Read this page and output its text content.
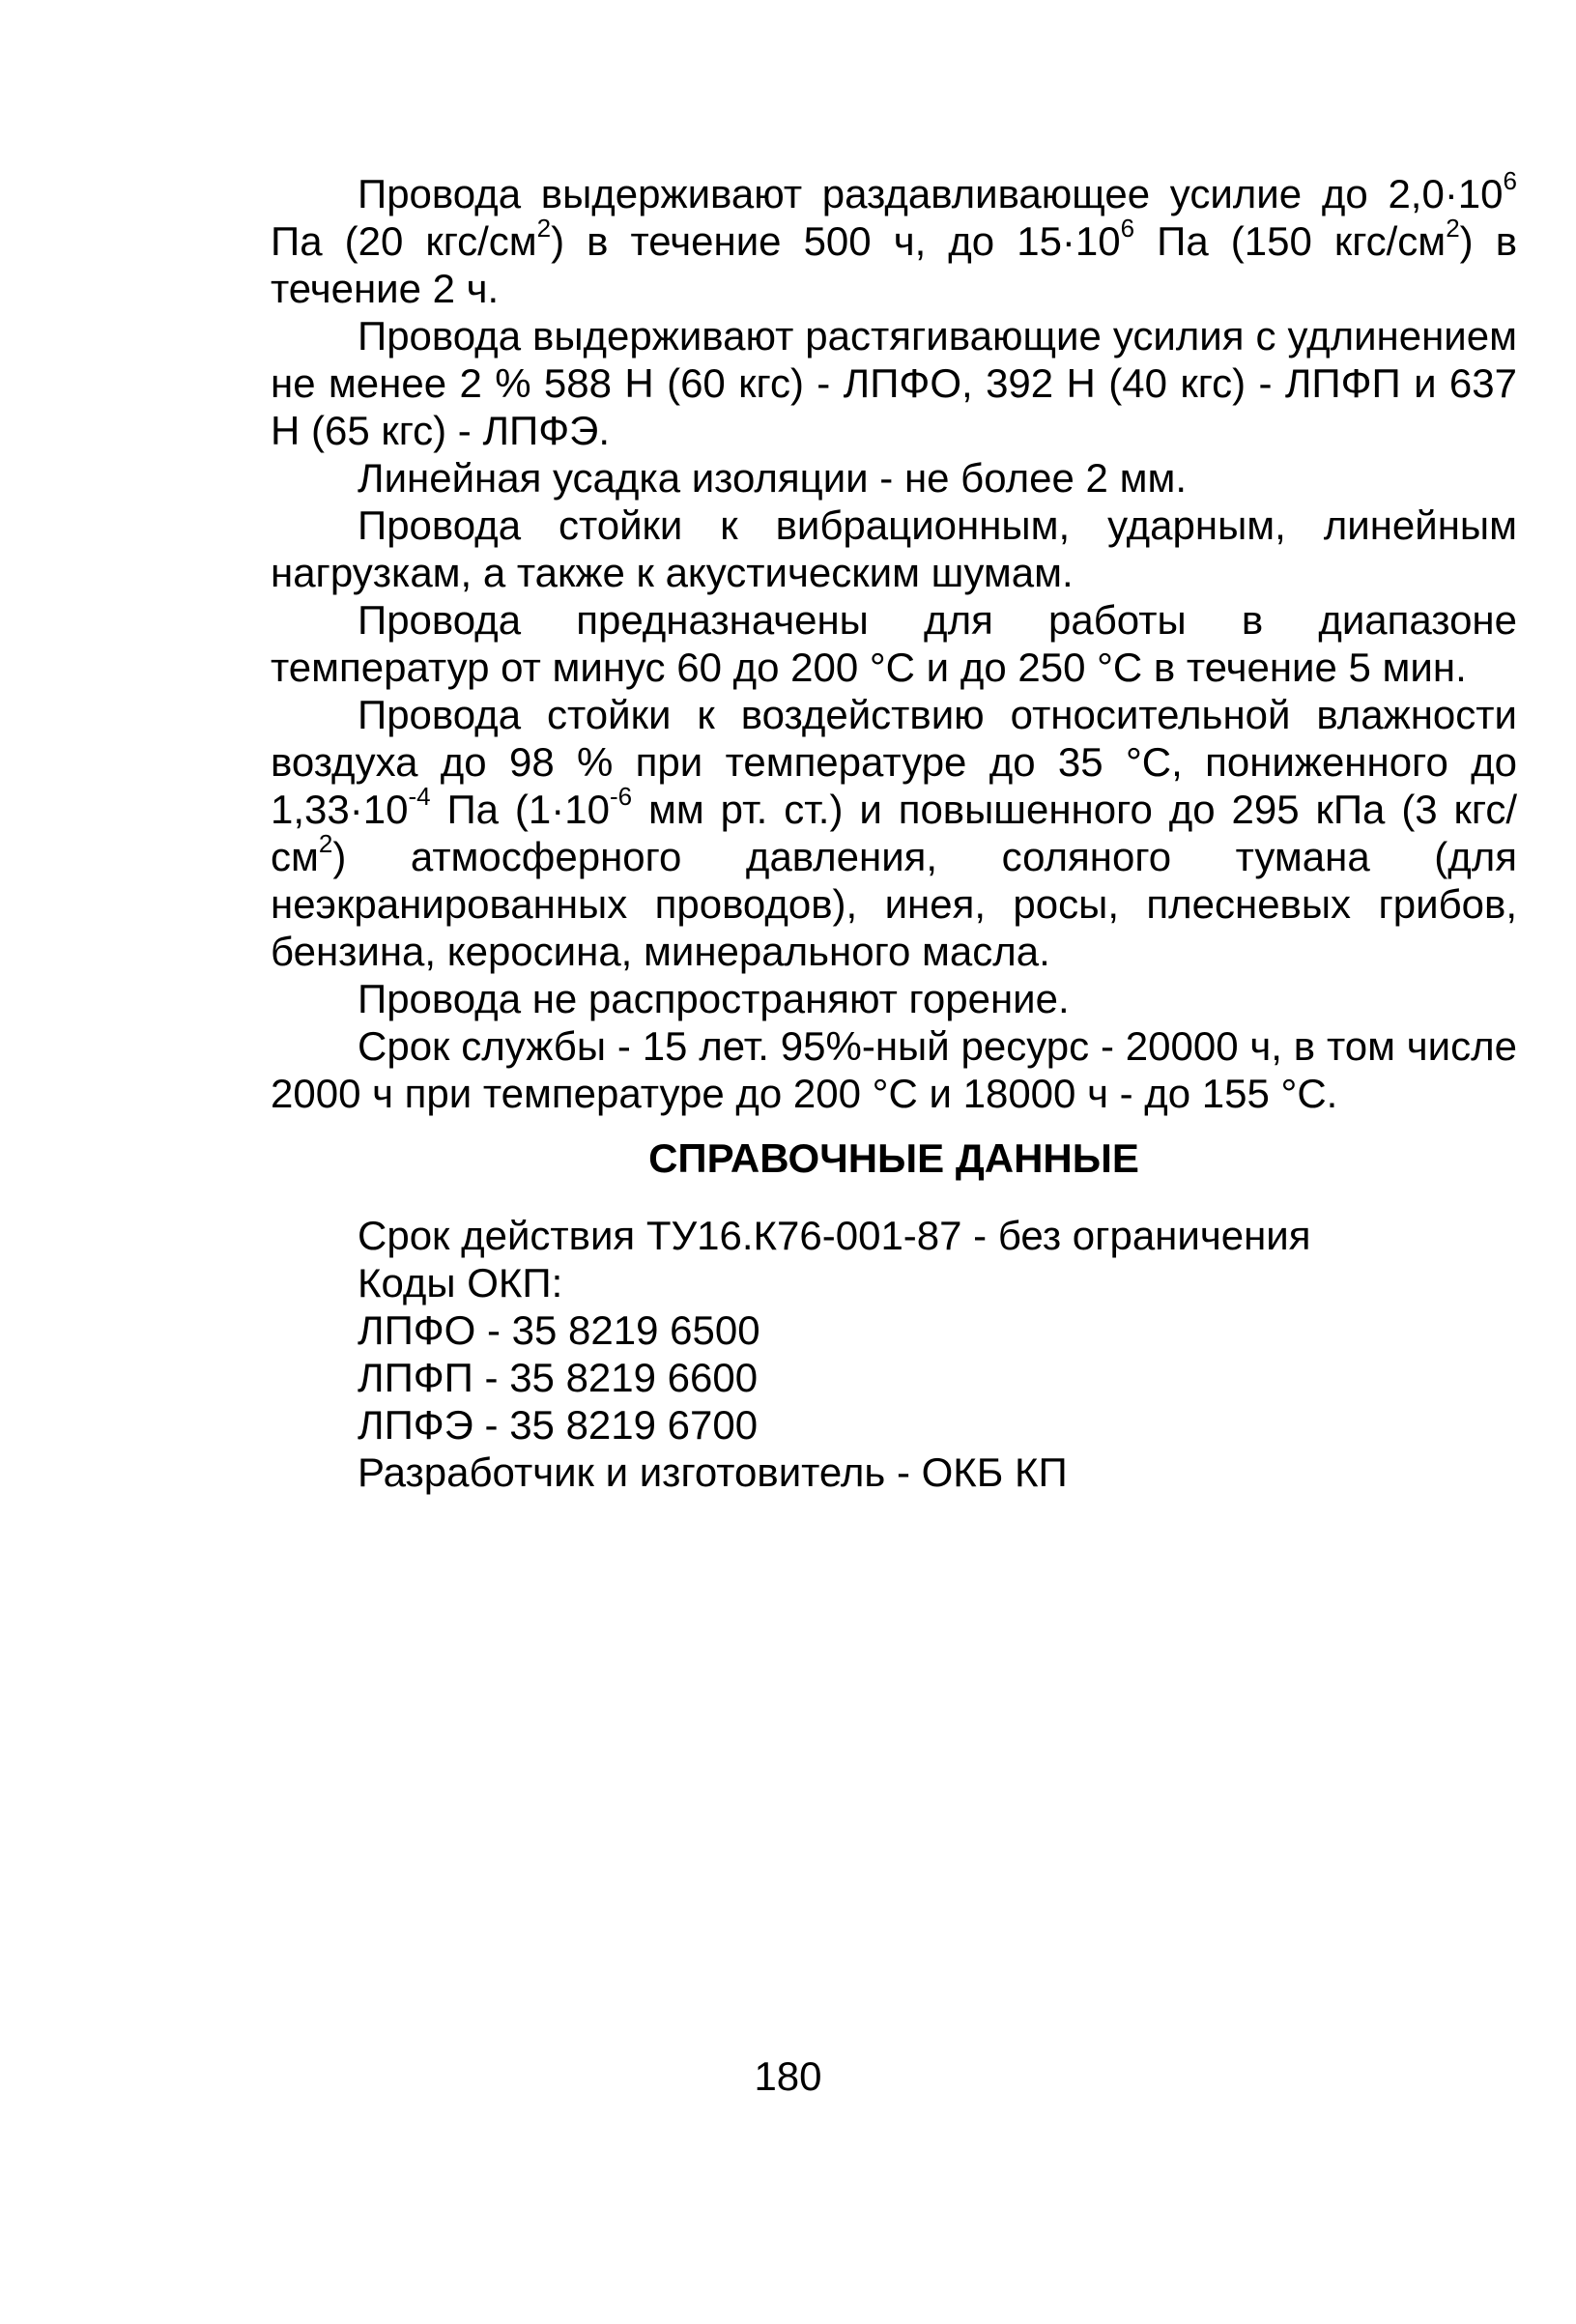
Провода выдерживают раздавливающее усилие до $2,0\cdot 10^6$ Па (20 кгс/$см^2$) в течение 500 ч, до $15\cdot 10^6$ Па (150 кгс/$см^2$) в течение 2 ч.

Провода выдерживают растягивающие усилия с удлинением не менее 2 % 588 Н (60 кгс) - ЛПФО, 392 Н (40 кгс) - ЛПФП и 637 Н (65 кгс) - ЛПФЭ.

Линейная усадка изоляции - не более 2 мм.

Провода стойки к вибрационным, ударным, линейным нагрузкам, а также к акустическим шумам.

Провода предназначены для работы в диапазоне температур от минус 60 до 200 °С и до 250 °С в течение 5 мин.

Провода стойки к воздействию относительной влажности воздуха до 98 % при температуре до 35 °С, пониженного до $1,33\cdot 10^{-4}$ Па ($1\cdot 10^{-6}$ мм рт. ст.) и повышенного до 295 кПа (3 кгс/$см^2$) атмосферного давления, соляного тумана (для неэкранированных проводов), инея, росы, плесневых грибов, бензина, керосина, минерального масла.

Провода не распространяют горение.

Срок службы - 15 лет. 95%-ный ресурс - 20000 ч, в том числе 2000 ч при температуре до 200 °С и 18000 ч - до 155 °С.

СПРАВОЧНЫЕ ДАННЫЕ
Срок действия ТУ16.К76-001-87 - без ограничения
Коды ОКП:
ЛПФО - 35 8219 6500
ЛПФП - 35 8219 6600
ЛПФЭ - 35 8219 6700
Разработчик и изготовитель - ОКБ КП
180
